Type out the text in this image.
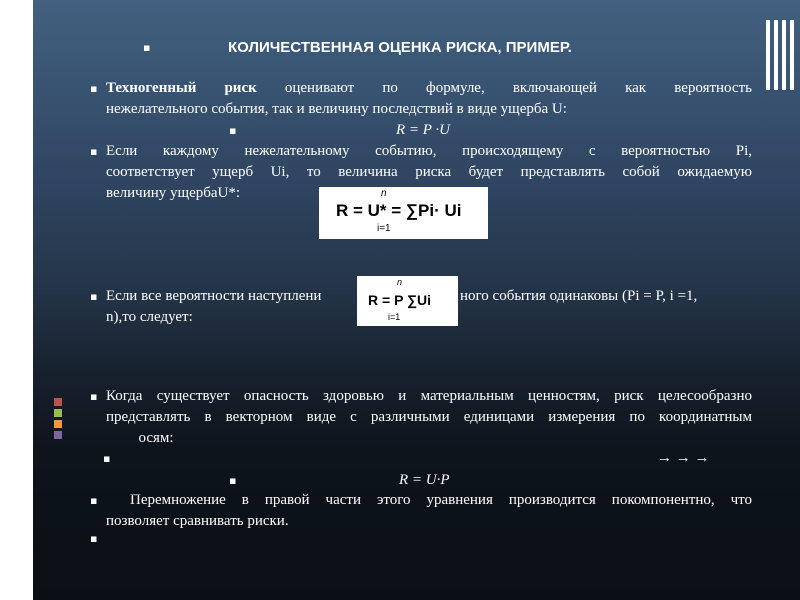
▪	КОЛИЧЕСТВЕННАЯ ОЦЕНКА РИСКА, ПРИМЕР.
▪ Техногенный риск оценивают по формуле, включающей как вероятность
нежелательного события, так и величину последствий в виде ущерба U:
▪	R = P ·U
▪ Если каждому нежелательному событию, происходящему с вероятностью Pi,
соответствует ущерб Ui, то величина риска будет представлять собой ожидаемую
величину ущербаU*:	n
R = U* = ∑Pi· Ui
i=1
▪ Если все вероятности наступлени	ного события одинаковы (Pi = P, i =1,
n),то следует:
n
R = P ∑Ui
i=1
▪ Когда существует опасность здоровью и материальным ценностям, риск целесообразно
представлять в векторном виде с различными единицами измерения по координатным
осям:
▪	→ → →
▪	R = U·P
▪ Перемножение в правой части этого уравнения производится покомпонентно, что
позволяет сравнивать риски.
▪
